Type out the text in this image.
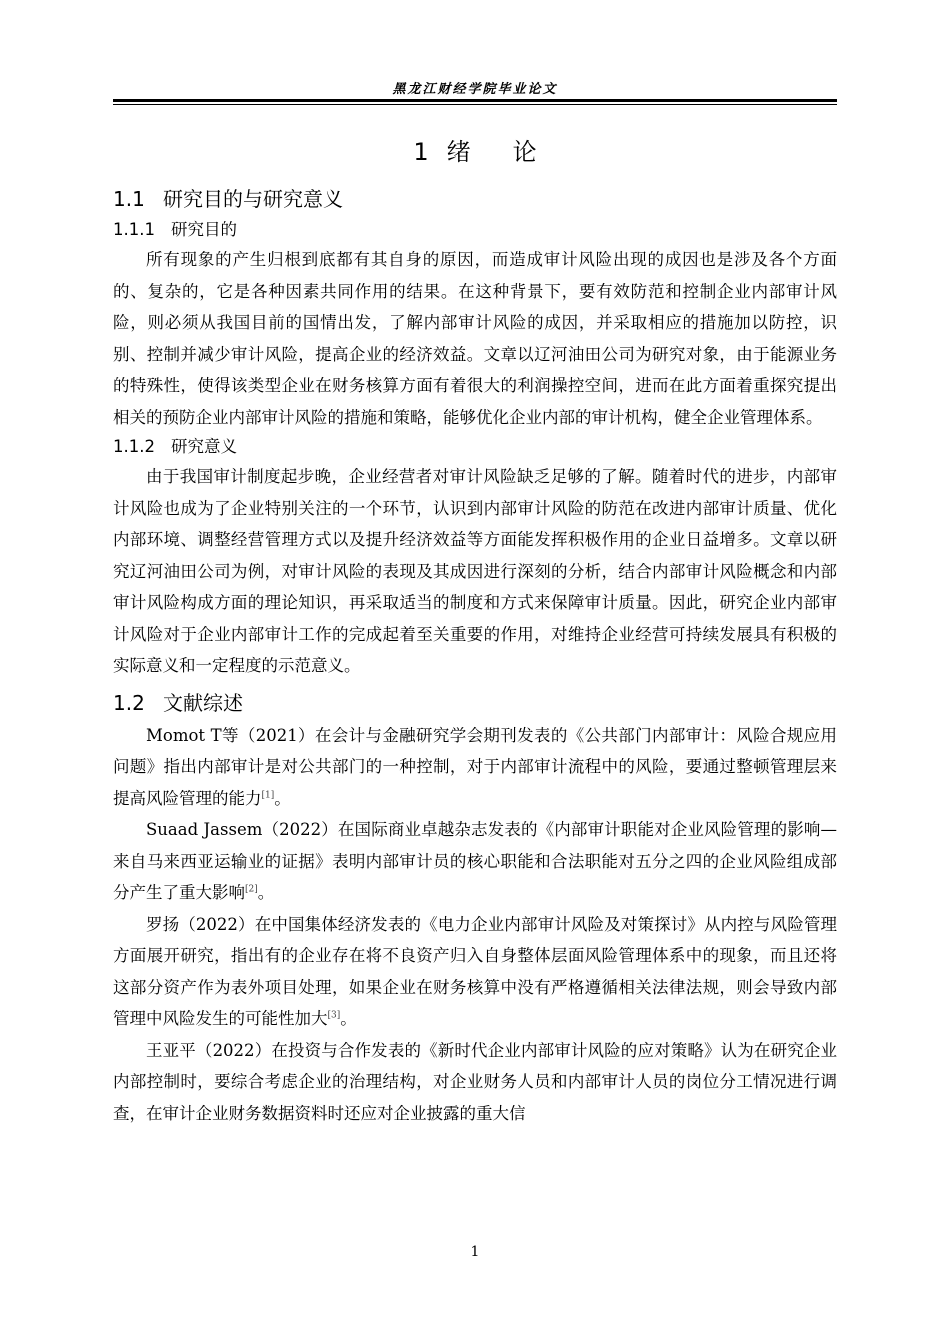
黑龙江财经学院毕业论文
1 绪 论
1.1 研究目的与研究意义
1.1.1 研究目的

所有现象的产生归根到底都有其自身的原因，而造成审计风险出现的成因也是涉及各个方面的、复杂的，它是各种因素共同作用的结果。在这种背景下，要有效防范和控制企业内部审计风险，则必须从我国目前的国情出发，了解内部审计风险的成因，并采取相应的措施加以防控，识别、控制并减少审计风险，提高企业的经济效益。文章以辽河油田公司为研究对象，由于能源业务的特殊性，使得该类型企业在财务核算方面有着很大的利润操控空间，进而在此方面着重探究提出相关的预防企业内部审计风险的措施和策略，能够优化企业内部的审计机构，健全企业管理体系。

1.1.2 研究意义

由于我国审计制度起步晚，企业经营者对审计风险缺乏足够的了解。随着时代的进步，内部审计风险也成为了企业特别关注的一个环节，认识到内部审计风险的防范在改进内部审计质量、优化内部环境、调整经营管理方式以及提升经济效益等方面能发挥积极作用的企业日益增多。文章以研究辽河油田公司为例，对审计风险的表现及其成因进行深刻的分析，结合内部审计风险概念和内部审计风险构成方面的理论知识，再采取适当的制度和方式来保障审计质量。因此，研究企业内部审计风险对于企业内部审计工作的完成起着至关重要的作用，对维持企业经营可持续发展具有积极的实际意义和一定程度的示范意义。

1.2 文献综述

Momot T等（2021）在会计与金融研究学会期刊发表的《公共部门内部审计：风险合规应用问题》指出内部审计是对公共部门的一种控制，对于内部审计流程中的风险，要通过整顿管理层来提高风险管理的能力[1]。

Suaad Jassem（2022）在国际商业卓越杂志发表的《内部审计职能对企业风险管理的影响—来自马来西亚运输业的证据》表明内部审计员的核心职能和合法职能对五分之四的企业风险组成部分产生了重大影响[2]。

罗扬（2022）在中国集体经济发表的《电力企业内部审计风险及对策探讨》从内控与风险管理方面展开研究，指出有的企业存在将不良资产归入自身整体层面风险管理体系中的现象，而且还将这部分资产作为表外项目处理，如果企业在财务核算中没有严格遵循相关法律法规，则会导致内部管理中风险发生的可能性加大[3]。

王亚平（2022）在投资与合作发表的《新时代企业内部审计风险的应对策略》认为在研究企业内部控制时，要综合考虑企业的治理结构，对企业财务人员和内部审计人员的岗位分工情况进行调查，在审计企业财务数据资料时还应对企业披露的重大信

1
